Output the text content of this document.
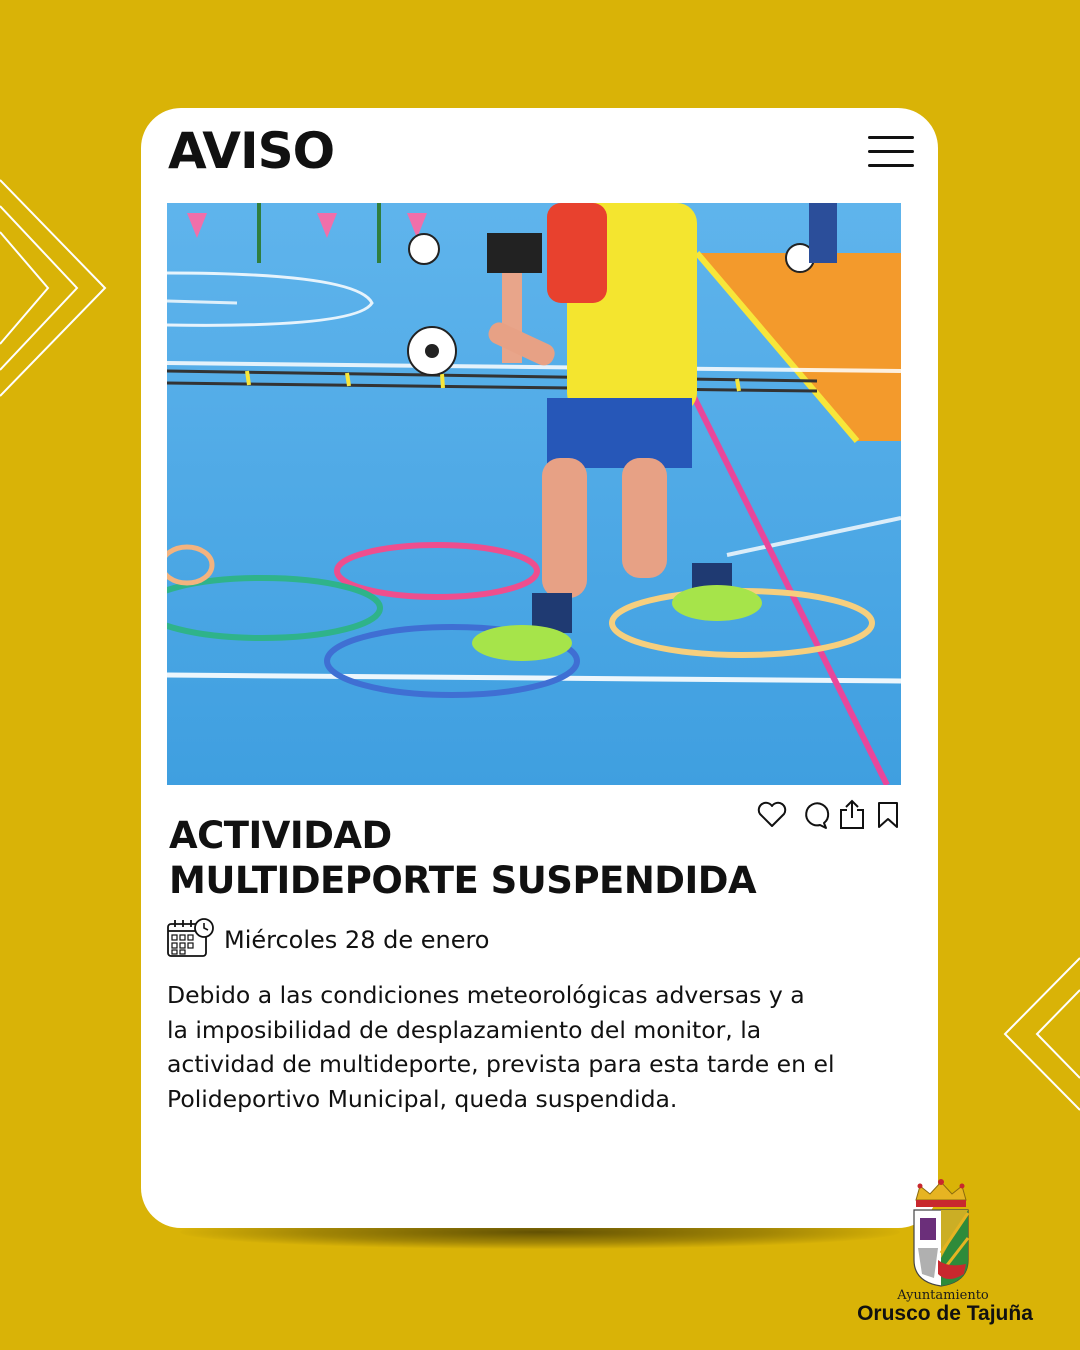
AVISO
ACTIVIDAD
MULTIDEPORTE SUSPENDIDA
Miércoles 28 de enero

Debido a las condiciones meteorológicas adversas y a
la imposibilidad de desplazamiento del monitor, la
actividad de multideporte, prevista para esta tarde en el
Polideportivo Municipal, queda suspendida.

Ayuntamiento
Orusco de Tajuña
